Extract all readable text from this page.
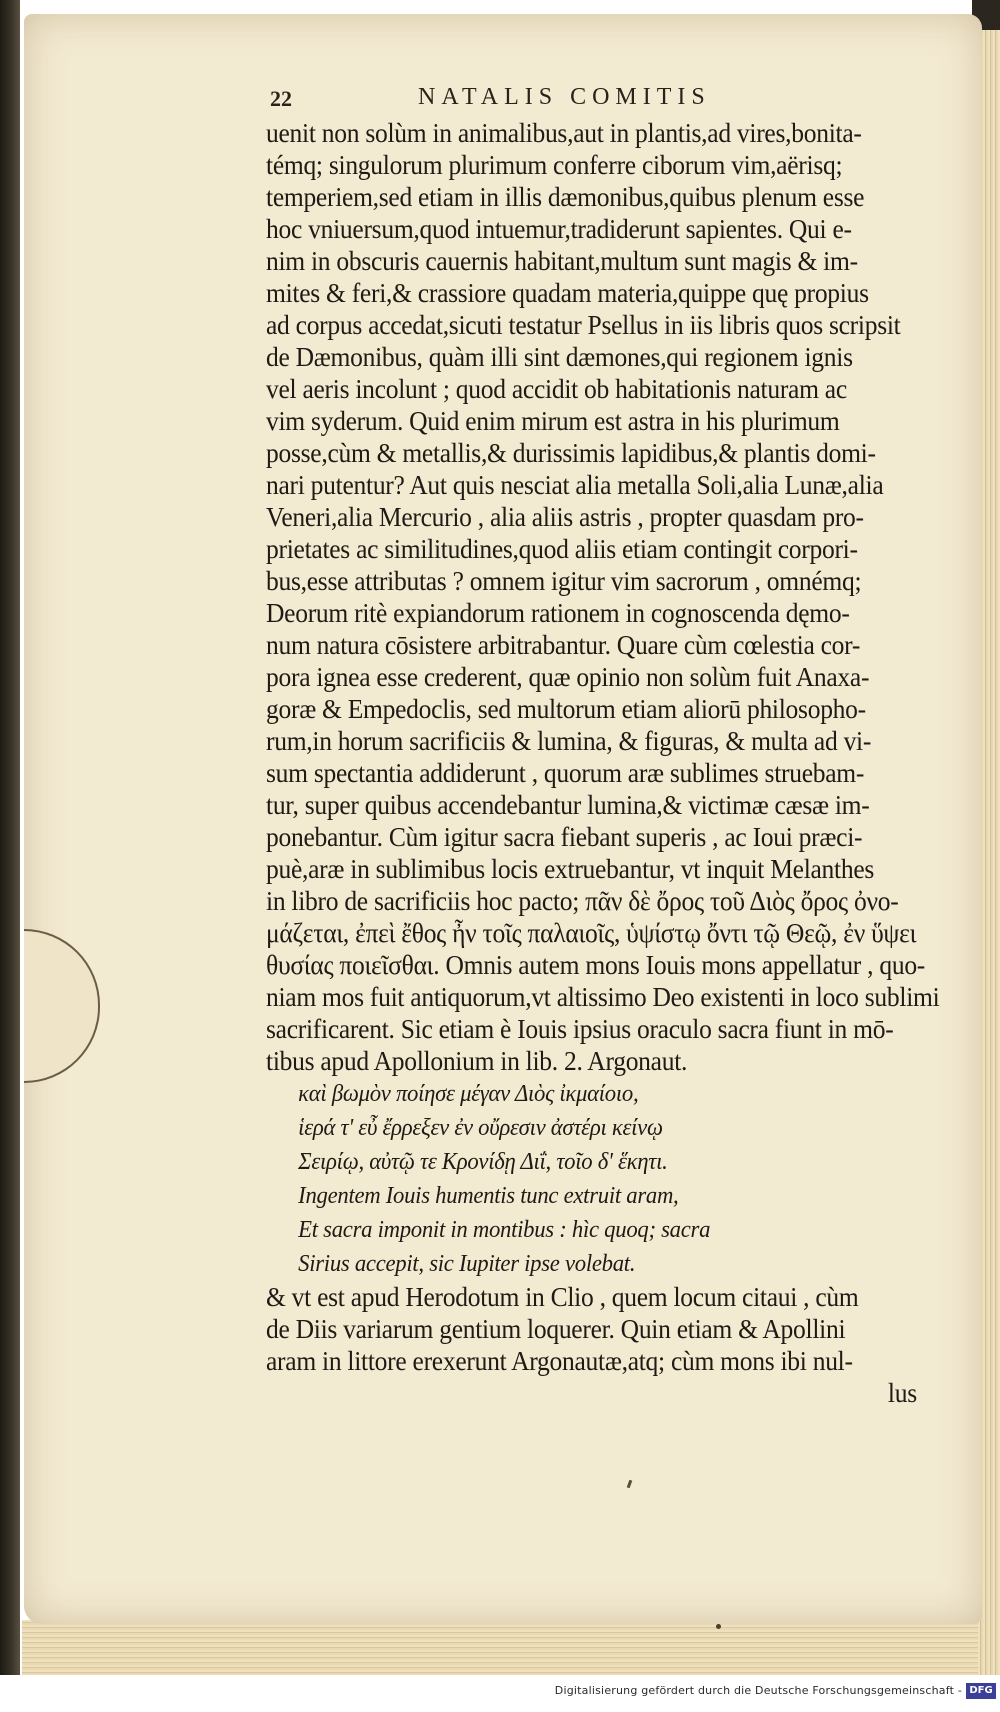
22	NATALIS COMITIS
uenit non solùm in animalibus,aut in plantis,ad vires,bonita-
témq; singulorum plurimum conferre ciborum vim,aërisq;
temperiem,sed etiam in illis dæmonibus,quibus plenum esse
hoc vniuersum,quod intuemur,tradiderunt sapientes. Qui e-
nim in obscuris cauernis habitant,multum sunt magis & im-
mites & feri,& crassiore quadam materia,quippe quę propius
ad corpus accedat,sicuti testatur Psellus in iis libris quos scripsit
de Dæmonibus, quàm illi sint dæmones,qui regionem ignis
vel aeris incolunt ; quod accidit ob habitationis naturam ac
vim syderum. Quid enim mirum est astra in his plurimum
posse,cùm & metallis,& durissimis lapidibus,& plantis domi-
nari putentur? Aut quis nesciat alia metalla Soli,alia Lunæ,alia
Veneri,alia Mercurio , alia aliis astris , propter quasdam pro-
prietates ac similitudines,quod aliis etiam contingit corpori-
bus,esse attributas ? omnem igitur vim sacrorum , omnémq;
Deorum ritè expiandorum rationem in cognoscenda dęmo-
num natura cōsistere arbitrabantur. Quare cùm cœlestia cor-
pora ignea esse crederent, quæ opinio non solùm fuit Anaxa-
goræ & Empedoclis, sed multorum etiam aliorū philosopho-
rum,in horum sacrificiis & lumina, & figuras, & multa ad vi-
sum spectantia addiderunt , quorum aræ sublimes struebam-
tur, super quibus accendebantur lumina,& victimæ cæsæ im-
ponebantur. Cùm igitur sacra fiebant superis , ac Ioui præci-
puè,aræ in sublimibus locis extruebantur, vt inquit Melanthes
in libro de sacrificiis hoc pacto; πᾶν δὲ ὄρος τοῦ Διὸς ὄρος ὀνο-
μάζεται, ἐπεὶ ἔθος ἦν τοῖς παλαιοῖς, ὑψίστῳ ὄντι τῷ Θεῷ, ἐν ὕψει
θυσίας ποιεῖσθαι. Omnis autem mons Iouis mons appellatur , quo-
niam mos fuit antiquorum,vt altissimo Deo existenti in loco sublimi
sacrificarent. Sic etiam è Iouis ipsius oraculo sacra fiunt in mō-
tibus apud Apollonium in lib. 2. Argonaut.
καὶ βωμὸν ποίησε μέγαν Διὸς ἰκμαίοιο,
ἱερά τ' εὖ ἔρρεξεν ἐν οὔρεσιν ἀστέρι κείνῳ
Σειρίῳ, αὐτῷ τε Κρονίδῃ Διΐ, τοῖο δ' ἕκητι.
Ingentem Iouis humentis tunc extruit aram,
Et sacra imponit in montibus : hìc quoq; sacra
Sirius accepit, sic Iupiter ipse volebat.
& vt est apud Herodotum in Clio , quem locum citaui , cùm
de Diis variarum gentium loquerer. Quin etiam & Apollini
aram in littore erexerunt Argonautæ,atq; cùm mons ibi nul-
lus
Digitalisierung gefördert durch die Deutsche Forschungsgemeinschaft - DFG
